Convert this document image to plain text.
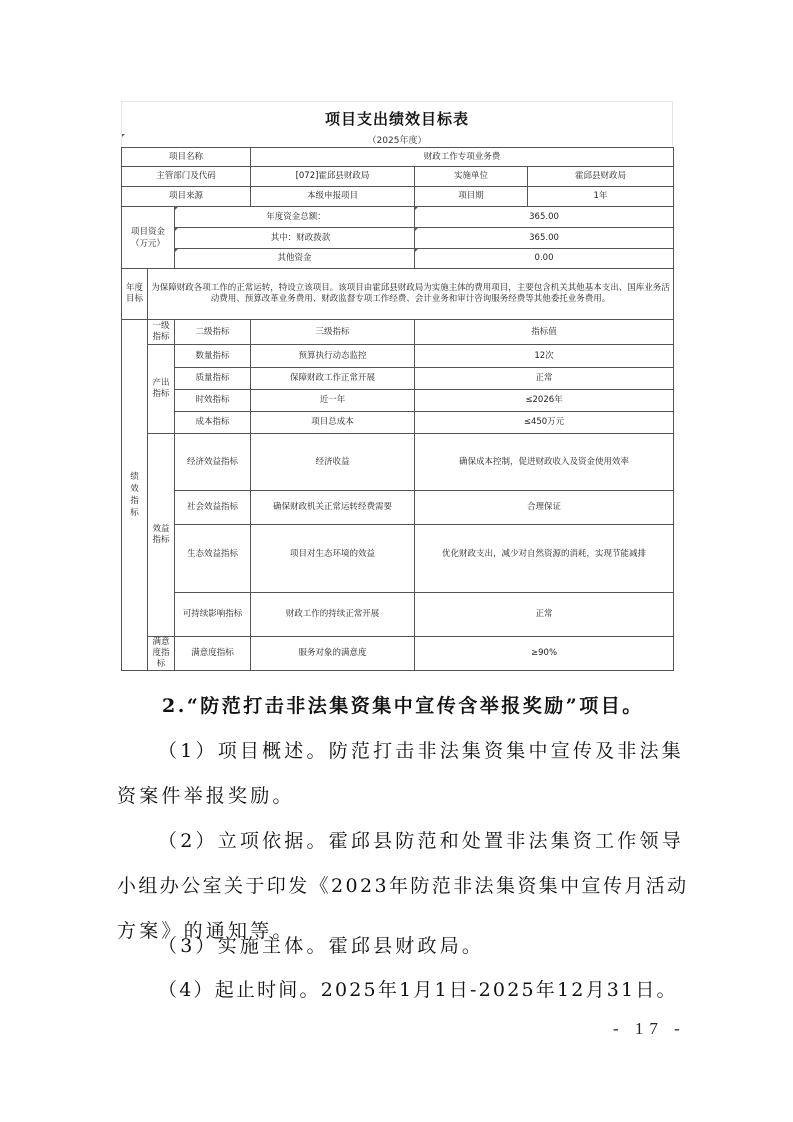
项目支出绩效目标表
（2025年度）
项目名称			财政工作专项业务费		
主管部门及代码			[072]霍邱县财政局	实施单位	霍邱县财政局
项目来源			本级申报项目	项目期	1年
项目资金（万元）		年度资金总额：		365.00	

其中：财政拨款		365.00	

其他资金		0.00	
年度目标	为保障财政各项工作的正常运转，特设立该项目。该项目由霍邱县财政局为实施主体的费用项目，主要包含机关其他基本支出、国库业务活动费用、预算改革业务费用、财政监督专项工作经费、会计业务和审计咨询服务经费等其他委托业务费用。				
绩效指标	一级指标	二级指标	三级指标	指标值	
	产出指标	数量指标	预算执行动态监控	12次	
		质量指标	保障财政工作正常开展	正常	
		时效指标	近一年	≤2026年	
		成本指标	项目总成本	≤450万元	
	效益指标	经济效益指标	经济收益	确保成本控制，促进财政收入及资金使用效率	
		社会效益指标	确保财政机关正常运转经费需要	合理保证	
		生态效益指标	项目对生态环境的效益	优化财政支出，减少对自然资源的消耗，实现节能减排	
		可持续影响指标	财政工作的持续正常开展	正常	
	满意度指标	满意度指标	服务对象的满意度	≥90%	
2.“防范打击非法集资集中宣传含举报奖励”项目。
（1）项目概述。防范打击非法集资集中宣传及非法集
资案件举报奖励。
（2）立项依据。霍邱县防范和处置非法集资工作领导
小组办公室关于印发《2023年防范非法集资集中宣传月活动
方案》的通知等。
（3）实施主体。霍邱县财政局。
（4）起止时间。2025年1月1日-2025年12月31日。
- 17 -
